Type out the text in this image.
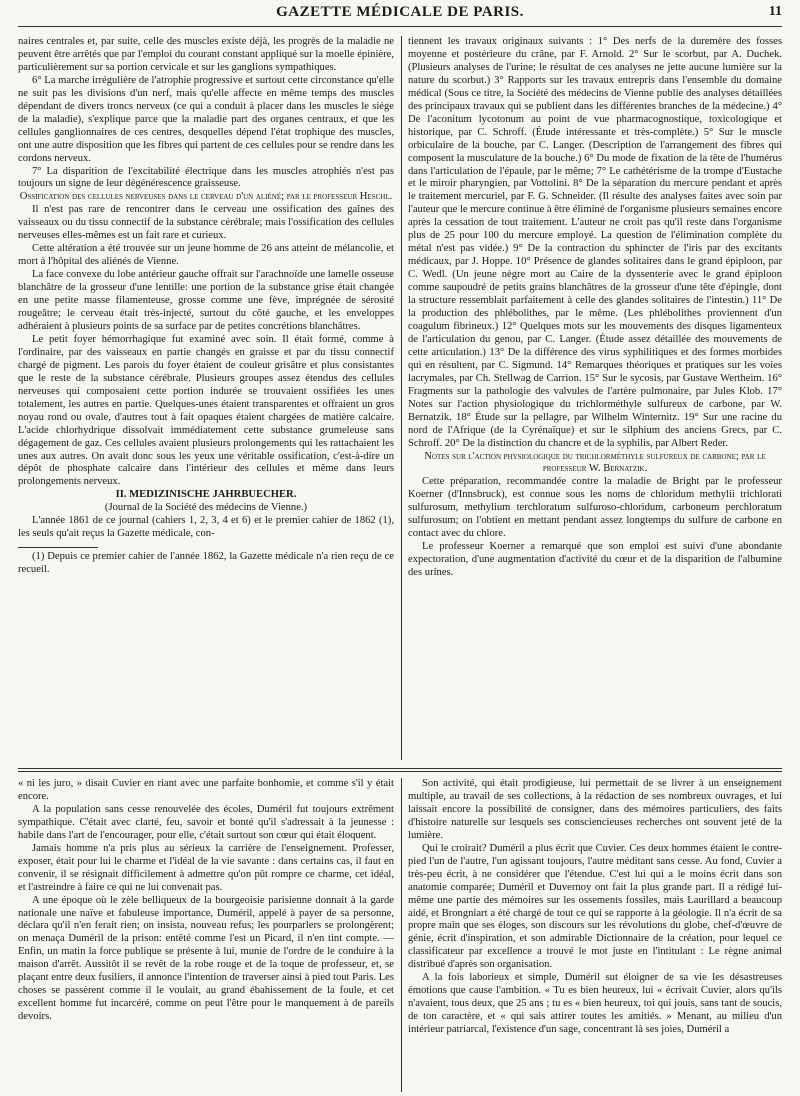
GAZETTE MÉDICALE DE PARIS.	11

naires centrales et, par suite, celle des muscles existe déjà, les progrès de la maladie ne peuvent être arrêtés que par l'emploi du courant constant appliqué sur la moelle épinière, particulièrement sur sa portion cervicale et sur les ganglions sympathiques.

6° La marche irrégulière de l'atrophie progressive et surtout cette circonstance qu'elle ne suit pas les divisions d'un nerf, mais qu'elle affecte en même temps des muscles dépendant de divers troncs nerveux (ce qui a conduit à placer dans les muscles le siége de la maladie), s'explique parce que la maladie part des organes centraux, et que les cellules ganglionnaires de ces centres, desquelles dépend l'état trophique des muscles, ont une autre disposition que les fibres qui partent de ces cellules pour se rendre dans les cordons nerveux.

7° La disparition de l'excitabilité électrique dans les muscles atrophiés n'est pas toujours un signe de leur dégénérescence graisseuse.

Ossification des cellules nerveuses dans le cerveau d'un aliéné; par le professeur Heschl.

Il n'est pas rare de rencontrer dans le cerveau une ossification des gaînes des vaisseaux ou du tissu connectif de la substance cérébrale; mais l'ossification des cellules nerveuses elles-mêmes est un fait rare et curieux.

Cette altération a été trouvée sur un jeune homme de 26 ans atteint de mélancolie, et mort à l'hôpital des aliénés de Vienne.

La face convexe du lobe antérieur gauche offrait sur l'arachnoïde une lamelle osseuse blanchâtre de la grosseur d'une lentille: une portion de la substance grise était changée en une petite masse filamenteuse, grosse comme une fève, imprégnée de sérosité rougeâtre; le cerveau était très-injecté, surtout du côté gauche, et les enveloppes adhéraient à plusieurs points de sa surface par de petites concrétions blanchâtres.

Le petit foyer hémorrhagique fut examiné avec soin. Il était formé, comme à l'ordinaire, par des vaisseaux en partie changés en graisse et par du tissu connectif chargé de pigment. Les parois du foyer étaient de couleur grisâtre et plus consistantes que le reste de la substance cérébrale. Plusieurs groupes assez étendus des cellules nerveuses qui composaient cette portion indurée se trouvaient ossifiées les unes totalement, les autres en partie. Quelques-unes étaient transparentes et offraient un gros noyau rond ou ovale, d'autres tout à fait opaques étaient chargées de matière calcaire. L'acide chlorhydrique dissolvait immédiatement cette substance grumeleuse sans dégagement de gaz. Ces cellules avaient plusieurs prolongements qui les rattachaient les unes aux autres. On avait donc sous les yeux une véritable ossification, c'est-à-dire un dépôt de phosphate calcaire dans l'intérieur des cellules et même dans leurs prolongements nerveux.

II. MEDIZINISCHE JAHRBUECHER.

(Journal de la Société des médecins de Vienne.)

L'année 1861 de ce journal (cahiers 1, 2, 3, 4 et 6) et le premier cahier de 1862 (1), les seuls qu'ait reçus la Gazette médicale, con-

(1) Depuis ce premier cahier de l'année 1862, la Gazette médicale n'a rien reçu de ce recueil.

tiennent les travaux originaux suivants : 1° Des nerfs de la duremère des fosses moyenne et postérieure du crâne, par F. Arnold. 2° Sur le scorbut, par A. Duchek. (Plusieurs analyses de l'urine; le résultat de ces analyses ne jette aucune lumière sur la nature du scorbut.) 3° Rapports sur les travaux entrepris dans l'ensemble du domaine médical (Sous ce titre, la Société des médecins de Vienne publie des analyses détaillées des principaux travaux qui se publient dans les différentes branches de la médecine.) 4° De l'aconitum lycotonum au point de vue pharmacognostique, toxicologique et historique, par C. Schroff. (Étude intéressante et très-complète.) 5° Sur le muscle orbiculaire de la bouche, par C. Langer. (Description de l'arrangement des fibres qui composent la musculature de la bouche.) 6° Du mode de fixation de la tête de l'humérus dans l'articulation de l'épaule, par le même; 7° Le cathétérisme de la trompe d'Eustache et le miroir pharyngien, par Vottolini. 8° De la séparation du mercure pendant et après le traitement mercuriel, par F. G. Schneider. (Il résulte des analyses faites avec soin par l'auteur que le mercure continue à être éliminé de l'organisme plusieurs semaines encore après la cessation de tout traitement. L'auteur ne croit pas qu'il reste dans l'organisme plus de 25 pour 100 du mercure employé. La question de l'élimination complète du métal n'est pas vidée.) 9° De la contraction du sphincter de l'iris par des excitants médicaux, par J. Hoppe. 10° Présence de glandes solitaires dans le grand épiploon, par C. Wedl. (Un jeune nègre mort au Caire de la dyssenterie avec le grand épiploon comme saupoudré de petits grains blanchâtres de la grosseur d'une tête d'épingle, dont la structure ressemblait parfaitement à celle des glandes solitaires de l'intestin.) 11° De la production des phlébolithes, par le même. (Les phlébolithes proviennent d'un coagulum fibrineux.) 12° Quelques mots sur les mouvements des disques ligamenteux de l'articulation du genou, par C. Langer. (Étude assez détaillée des mouvements de cette articulation.) 13° De la différence des virus syphilitiques et des formes morbides qui en résultent, par C. Sigmund. 14° Remarques théoriques et pratiques sur les voies lacrymales, par Ch. Stellwag de Carrion. 15° Sur le sycosis, par Gustave Wertheim. 16° Fragments sur la pathologie des valvules de l'artère pulmonaire, par Jules Klob. 17° Notes sur l'action physiologique du trichlorméthyle sulfureux de carbone, par W. Bernatzik. 18° Étude sur la pellagre, par Wilhelm Winternitz. 19° Sur une racine du nord de l'Afrique (de la Cyrénaïque) et sur le silphium des anciens Grecs, par C. Schroff. 20° De la distinction du chancre et de la syphilis, par Albert Reder.

Notes sur l'action physiologique du trichlorméthyle sulfureux de carbone; par le professeur W. Bernatzik.

Cette préparation, recommandée contre la maladie de Bright par le professeur Koerner (d'Innsbruck), est connue sous les noms de chloridum methylii trichlorati sulfurosum, methylium terchloratum sulfuroso-chloridum, carboneum perchloratum sulfurosum; on l'obtient en mettant pendant assez longtemps du sulfure de carbone en contact avec du chlore.

Le professeur Koerner a remarqué que son emploi est suivi d'une abondante expectoration, d'une augmentation d'activité du cœur et de la disparition de l'albumine des urines.

« ni les juro, » disait Cuvier en riant avec une parfaite bonhomie, et comme s'il y était encore.

A la population sans cesse renouvelée des écoles, Duméril fut toujours extrêment sympathique. C'était avec clarté, feu, savoir et bonté qu'il s'adressait à la jeunesse : habile dans l'art de l'encourager, pour elle, c'était surtout son cœur qui était éloquent.

Jamais homme n'a pris plus au sérieux la carrière de l'enseignement. Professer, exposer, était pour lui le charme et l'idéal de la vie savante : dans certains cas, il faut en convenir, il se résignait difficilement à admettre qu'on pût rompre ce charme, cet idéal, et l'astreindre à faire ce qui ne lui convenait pas.

A une époque où le zèle belliqueux de la bourgeoisie parisienne donnait à la garde nationale une naïve et fabuleuse importance, Duméril, appelé à payer de sa personne, déclara qu'il n'en ferait rien; on insista, nouveau refus; les pourparlers se prolongèrent; on menaça Duméril de la prison: entêté comme l'est un Picard, il n'en tint compte. — Enfin, un matin la force publique se présente à lui, munie de l'ordre de le conduire à la maison d'arrêt. Aussitôt il se revêt de la robe rouge et de la toque de professeur, et, se plaçant entre deux fusiliers, il annonce l'intention de traverser ainsi à pied tout Paris. Les choses se passèrent comme il le voulait, au grand ébahissement de la foule, et cet excellent homme fut incarcéré, comme on peut l'être pour le manquement à de pareils devoirs.

Son activité, qui était prodigieuse, lui permettait de se livrer à un enseignement multiple, au travail de ses collections, à la rédaction de ses nombreux ouvrages, et lui laissait encore la possibilité de consigner, dans des mémoires particuliers, des faits d'histoire naturelle sur lesquels ses consciencieuses recherches ont souvent jeté de la lumière.

Qui le croirait? Duméril a plus écrit que Cuvier. Ces deux hommes étaient le contre-pied l'un de l'autre, l'un agissant toujours, l'autre méditant sans cesse. Au fond, Cuvier a très-peu écrit, à ne considérer que l'étendue. C'est lui qui a le moins écrit dans son anatomie comparée; Duméril et Duvernoy ont fait la plus grande part. Il a rédigé lui-même une partie des mémoires sur les ossements fossiles, mais Laurillard a beaucoup aidé, et Brongniart a été chargé de tout ce qui se rapporte à la géologie. Il n'a écrit de sa propre main que ses éloges, son discours sur les révolutions du globe, chef-d'œuvre de génie, écrit d'inspiration, et son admirable Dictionnaire de la création, pour lequel ce classificateur par excellence a trouvé le mot juste en l'intitulant : Le règne animal distribué d'après son organisation.

A la fois laborieux et simple, Duméril sut éloigner de sa vie les désastreuses émotions que cause l'ambition. « Tu es bien heureux, lui « écrivait Cuvier, alors qu'ils n'avaient, tous deux, que 25 ans ; tu es « bien heureux, toi qui jouis, sans tant de soucis, de ton caractère, et « qui sais attirer toutes les amitiés. » Menant, au milieu d'un intérieur patriarcal, l'existence d'un sage, concentrant là ses joies, Duméril a
